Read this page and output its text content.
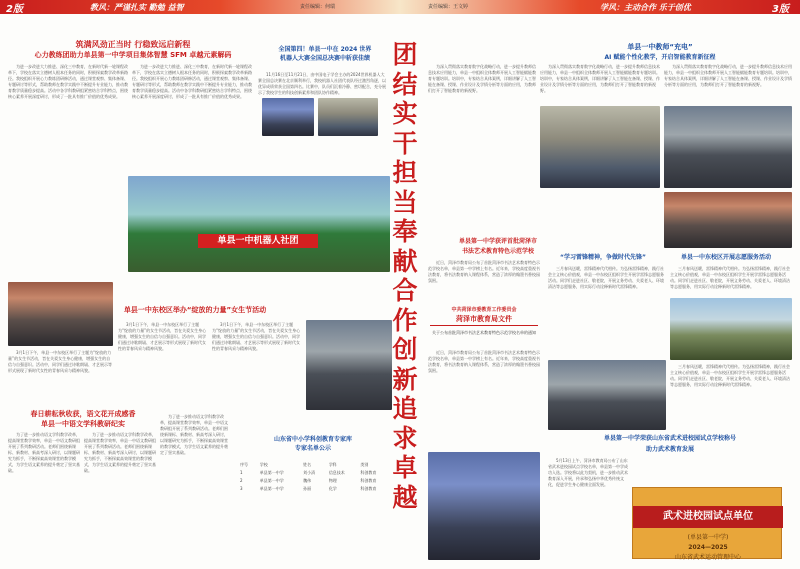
2版	教风：严谨扎实 勤勉 益智	责任编辑：何瑞
筑满风劲正当时 行稳致远启新程
心力教练团助力单县第一中学项目集体智慧 SFM 卓越元素解码

为进一步改进大力推进、深化三中教育，在新时代新一轮课程改革下，学校在落实立德树人根本任务的同时，积极探索教学改革新路径。我校组织开展心力教练团研修活动，通过课堂观察、集体备课、专题研讨等形式，帮助教师在教学实践中不断提升专业能力，推动教育教学质量稳步提高。活动中各学科教研组紧密结合学科特点，围绕核心素养开展深度研讨，形成了一批具有推广价值的优秀成果。

为进一步改进大力推进、深化三中教育，在新时代新一轮课程改革下，学校在落实立德树人根本任务的同时，积极探索教学改革新路径。我校组织开展心力教练团研修活动，通过课堂观察、集体备课、专题研讨等形式，帮助教师在教学实践中不断提升专业能力，推动教育教学质量稳步提高。活动中各学科教研组紧密结合学科特点，围绕核心素养开展深度研讨，形成了一批具有推广价值的优秀成果。

全国第四！单县一中在 2024 世界
机器人大赛全国总决赛中斩获佳绩

11月16日至11月21日，由中国电子学会主办的2024世界机器人大赛全国总决赛在北京顺利举行，我校机器人社团代表队经过激烈角逐，以优异成绩荣获全国第四名。比赛中，队员们沉着冷静、密切配合，充分展示了我校学生的科技创新素养和团队协作精神。

单县一中机器人社团
单县一中东校区举办“绽放的力量”女生节活动

3月1日下午，单县一中东校区举行了主题为“绽放的力量”的女生节活动，旨在关爱女生身心健康，增强女生的自信与自强意识。活动中，同学们通过诗歌朗诵、才艺展示等形式展现了新时代女性的青春风采与精神风貌。

3月1日下午，单县一中东校区举行了主题为“绽放的力量”的女生节活动，旨在关爱女生身心健康，增强女生的自信与自强意识。活动中，同学们通过诗歌朗诵、才艺展示等形式展现了新时代女性的青春风采与精神风貌。

3月1日下午，单县一中东校区举行了主题为“绽放的力量”的女生节活动，旨在关爱女生身心健康，增强女生的自信与自强意识。活动中，同学们通过诗歌朗诵、才艺展示等形式展现了新时代女性的青春风采与精神风貌。

春日耕耘秋收获，语文花开成感香
单县一中语文学科教研纪实

为了进一步推动语文学科教学改革，提高课堂教学效率，单县一中语文教研组开展了系列教研活动。老师们围绕新课标、新教材、新高考深入研讨，以课题研究为抓手，不断探索高效课堂的教学模式，为学生语文素养的提升奠定了坚实基础。

为了进一步推动语文学科教学改革，提高课堂教学效率，单县一中语文教研组开展了系列教研活动。老师们围绕新课标、新教材、新高考深入研讨，以课题研究为抓手，不断探索高效课堂的教学模式，为学生语文素养的提升奠定了坚实基础。

为了进一步推动语文学科教学改革，提高课堂教学效率，单县一中语文教研组开展了系列教研活动。老师们围绕新课标、新教材、新高考深入研讨，以课题研究为抓手，不断探索高效课堂的教学模式，为学生语文素养的提升奠定了坚实基础。

山东省中小学科创教育专家库
专家名单公示
序号	学校	姓名	学科	类别
1	单县第一中学	刘小清	信息技术	科创教育
2	单县第一中学	魏伟	物理	科创教育
3	单县第一中学	孙丽	化学	科创教育
团
结
实
干
担
当
奉
献
合
作
创
新
追
求
卓
越
责任编辑：王文婷	学风：主动合作 乐于创优	3版
单县一中教师“充电”
AI 赋能个性化教学，开启智能教育新征程

为深入贯彻落实教育数字化战略行动，进一步提升教师信息技术应用能力，单县一中组织全体教师开展人工智能赋能教育专题培训。培训中，专家结合具体案例，详细讲解了人工智能在备课、授课、作业设计及学情分析等方面的应用，为教师们打开了智能教育的新视野。

为深入贯彻落实教育数字化战略行动，进一步提升教师信息技术应用能力，单县一中组织全体教师开展人工智能赋能教育专题培训。培训中，专家结合具体案例，详细讲解了人工智能在备课、授课、作业设计及学情分析等方面的应用，为教师们打开了智能教育的新视野。

为深入贯彻落实教育数字化战略行动，进一步提升教师信息技术应用能力，单县一中组织全体教师开展人工智能赋能教育专题培训。培训中，专家结合具体案例，详细讲解了人工智能在备课、授课、作业设计及学情分析等方面的应用，为教师们打开了智能教育的新视野。

单县第一中学获评首批菏泽市
书法艺术教育特色示范学校

近日，菏泽市教育局公布了首批菏泽市书法艺术教育特色示范学校名单，单县第一中学榜上有名。近年来，学校高度重视书法教育，将书法教育纳入课程体系，营造了浓厚的翰墨书香校园氛围。

中共菏泽市委教育工作委员会
菏泽市教育局文件
关于公布首批菏泽市书法艺术教育特色示范学校名单的通知
“学习雷锋精神，争做时代先锋”	单县一中东校区开展志愿服务活动

三月春风送暖，雷锋精神代代相传。为弘扬雷锋精神，践行社会主义核心价值观，单县一中东校区组织学生开展学雷锋志愿服务活动。同学们走进社区、敬老院，开展义务劳动、关爱老人、环境清洁等志愿服务，用实际行动诠释新时代雷锋精神。

三月春风送暖，雷锋精神代代相传。为弘扬雷锋精神，践行社会主义核心价值观，单县一中东校区组织学生开展学雷锋志愿服务活动。同学们走进社区、敬老院，开展义务劳动、关爱老人、环境清洁等志愿服务，用实际行动诠释新时代雷锋精神。

三月春风送暖，雷锋精神代代相传。为弘扬雷锋精神，践行社会主义核心价值观，单县一中东校区组织学生开展学雷锋志愿服务活动。同学们走进社区、敬老院，开展义务劳动、关爱老人、环境清洁等志愿服务，用实际行动诠释新时代雷锋精神。

近日，菏泽市教育局公布了首批菏泽市书法艺术教育特色示范学校名单，单县第一中学榜上有名。近年来，学校高度重视书法教育，将书法教育纳入课程体系，营造了浓厚的翰墨书香校园氛围。

单县第一中学荣获山东省武术进校园试点学校称号
助力武术教育发展

5月13日上午，菏泽市教育局公布了山东省武术进校园试点学校名单，单县第一中学成功入选。学校将以此为契机，进一步推动武术教育深入开展，传承和弘扬中华优秀传统文化，促进学生身心健康全面发展。

武术进校园试点单位
(单县第一中学)
2024—2025
山东省武术运动管理中心
